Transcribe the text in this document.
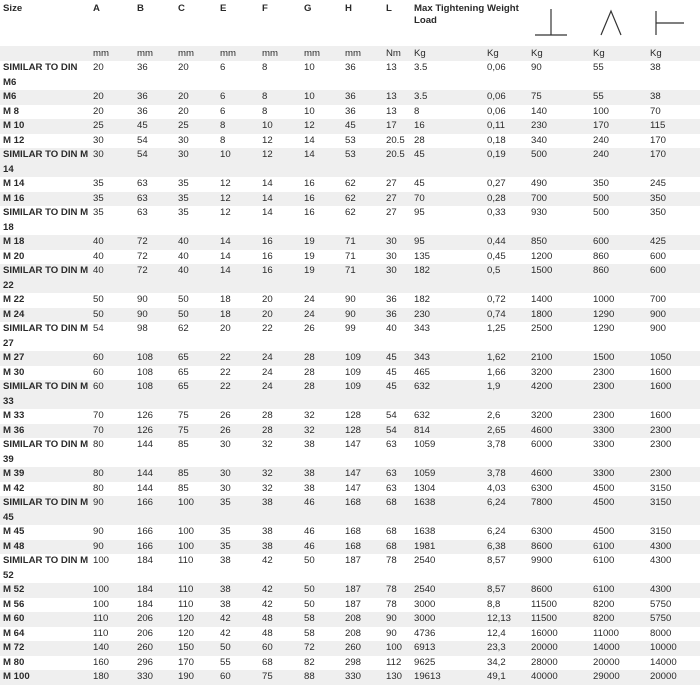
Size	A	B	C	E	F	G	H	L	Max Tightening Load	Weight	

	mm	mm	mm	mm	mm	mm	mm	Nm	Kg	Kg	Kg	Kg	Kg
SIMILAR TO DIN M6	20	36	20	6	8	10	36	13	3.5	0,06	90	55	38
M6	20	36	20	6	8	10	36	13	3.5	0,06	75	55	38
M 8	20	36	20	6	8	10	36	13	8	0,06	140	100	70
M 10	25	45	25	8	10	12	45	17	16	0,11	230	170	115
M 12	30	54	30	8	12	14	53	20.5	28	0,18	340	240	170
SIMILAR TO DIN M 14	30	54	30	10	12	14	53	20.5	45	0,19	500	240	170
M 14	35	63	35	12	14	16	62	27	45	0,27	490	350	245
M 16	35	63	35	12	14	16	62	27	70	0,28	700	500	350
SIMILAR TO DIN M 18	35	63	35	12	14	16	62	27	95	0,33	930	500	350
M 18	40	72	40	14	16	19	71	30	95	0,44	850	600	425
M 20	40	72	40	14	16	19	71	30	135	0,45	1200	860	600
SIMILAR TO DIN M 22	40	72	40	14	16	19	71	30	182	0,5	1500	860	600
M 22	50	90	50	18	20	24	90	36	182	0,72	1400	1000	700
M 24	50	90	50	18	20	24	90	36	230	0,74	1800	1290	900
SIMILAR TO DIN M 27	54	98	62	20	22	26	99	40	343	1,25	2500	1290	900
M 27	60	108	65	22	24	28	109	45	343	1,62	2100	1500	1050
M 30	60	108	65	22	24	28	109	45	465	1,66	3200	2300	1600
SIMILAR TO DIN M 33	60	108	65	22	24	28	109	45	632	1,9	4200	2300	1600
M 33	70	126	75	26	28	32	128	54	632	2,6	3200	2300	1600
M 36	70	126	75	26	28	32	128	54	814	2,65	4600	3300	2300
SIMILAR TO DIN M 39	80	144	85	30	32	38	147	63	1059	3,78	6000	3300	2300
M 39	80	144	85	30	32	38	147	63	1059	3,78	4600	3300	2300
M 42	80	144	85	30	32	38	147	63	1304	4,03	6300	4500	3150
SIMILAR TO DIN M 45	90	166	100	35	38	46	168	68	1638	6,24	7800	4500	3150
M 45	90	166	100	35	38	46	168	68	1638	6,24	6300	4500	3150
M 48	90	166	100	35	38	46	168	68	1981	6,38	8600	6100	4300
SIMILAR TO DIN M 52	100	184	110	38	42	50	187	78	2540	8,57	9900	6100	4300
M 52	100	184	110	38	42	50	187	78	2540	8,57	8600	6100	4300
M 56	100	184	110	38	42	50	187	78	3000	8,8	11500	8200	5750
M 60	110	206	120	42	48	58	208	90	3000	12,13	11500	8200	5750
M 64	110	206	120	42	48	58	208	90	4736	12,4	16000	11000	8000
M 72	140	260	150	50	60	72	260	100	6913	23,3	20000	14000	10000
M 80	160	296	170	55	68	82	298	112	9625	34,2	28000	20000	14000
M 100	180	330	190	60	75	88	330	130	19613	49,1	40000	29000	20000
